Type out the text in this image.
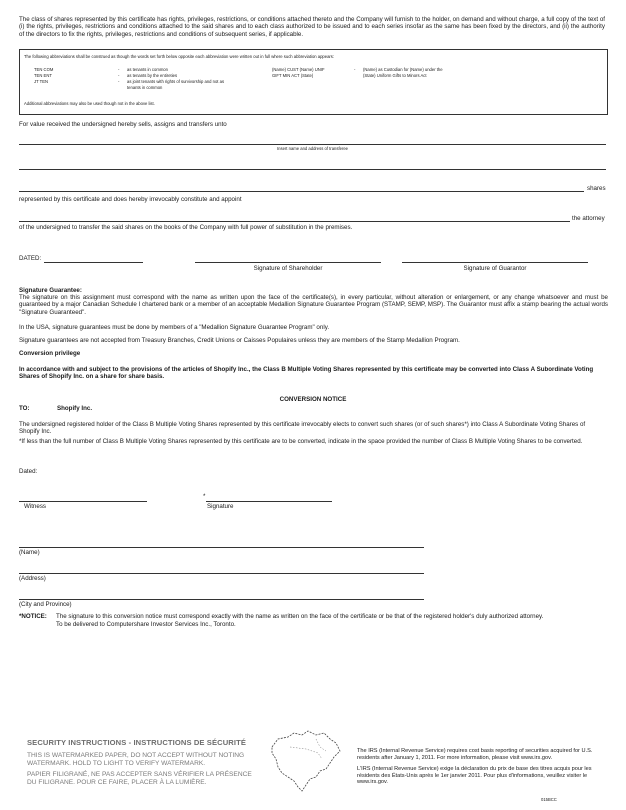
The class of shares represented by this certificate has rights, privileges, restrictions, or conditions attached thereto and the Company will furnish to the holder, on demand and without charge, a full copy of the text of (i) the rights, privileges, restrictions and conditions attached to the said shares and to each class authorized to be issued and to each series insofar as the same has been fixed by the directors, and (ii) the authority of the directors to fix the rights, privileges, restrictions and conditions of subsequent series, if applicable.
The following abbreviations shall be construed as though the words set forth below opposite each abbreviation were written out in full where such abbreviation appears:
TEN COM	- as tenants in common
TEN ENT	- as tenants by the entireties
JT TEN	- as joint tenants with rights of survivorship and not as
tenants in common
(Name) CUST (Name) UNIF
GIFT MIN ACT (State)
- (Name) as Custodian for (Name) under the
(State) Uniform Gifts to Minors Act
Additional abbreviations may also be used though not in the above list.
For value received the undersigned hereby sells, assigns and transfers unto
Insert name and address of transferee
shares
represented by this certificate and does hereby irrevocably constitute and appoint
the attorney
of the undersigned to transfer the said shares on the books of the Company with full power of substitution in the premises.
DATED:
Signature of Shareholder	Signature of Guarantor
Signature Guarantee:
The signature on this assignment must correspond with the name as written upon the face of the certificate(s), in every particular, without alteration or enlargement, or any change whatsoever and must be guaranteed by a major Canadian Schedule I chartered bank or a member of an acceptable Medallion Signature Guarantee Program (STAMP, SEMP, MSP). The Guarantor must affix a stamp bearing the actual words "Signature Guaranteed".
In the USA, signature guarantees must be done by members of a "Medallion Signature Guarantee Program" only.
Signature guarantees are not accepted from Treasury Branches, Credit Unions or Caisses Populaires unless they are members of the Stamp Medallion Program.
Conversion privilege
In accordance with and subject to the provisions of the articles of Shopify Inc., the Class B Multiple Voting Shares represented by this certificate may be converted into Class A Subordinate Voting Shares of Shopify Inc. on a share for share basis.
CONVERSION NOTICE
TO:	Shopify Inc.
The undersigned registered holder of the Class B Multiple Voting Shares represented by this certificate irrevocably elects to convert such shares (or of such shares*) into Class A Subordinate Voting Shares of Shopify Inc.
*If less than the full number of Class B Multiple Voting Shares represented by this certificate are to be converted, indicate in the space provided the number of Class B Multiple Voting Shares to be converted.
Dated:
Witness
*
Signature
(Name)
(Address)
(City and Province)
*NOTICE: The signature to this conversion notice must correspond exactly with the name as written on the face of the certificate or be that of the registered holder's duly authorized attorney.
To be delivered to Computershare Investor Services Inc., Toronto.
SECURITY INSTRUCTIONS - INSTRUCTIONS DE SÉCURITÉ
THIS IS WATERMARKED PAPER, DO NOT ACCEPT WITHOUT NOTING
WATERMARK. HOLD TO LIGHT TO VERIFY WATERMARK.
PAPIER FILIGRANÉ, NE PAS ACCEPTER SANS VÉRIFIER LA PRÉSENCE
DU FILIGRANE. POUR CE FAIRE, PLACER À LA LUMIÈRE.
The IRS (Internal Revenue Service) requires cost basis reporting of securities acquired for U.S. residents after January 1, 2011. For more information, please visit www.irs.gov.
L'IRS (Internal Revenue Service) exige la déclaration du prix de base des titres acquis pour les résidents des États-Unis après le 1er janvier 2011. Pour plus d'informations, veuillez visiter le www.irs.gov.
015BCC
